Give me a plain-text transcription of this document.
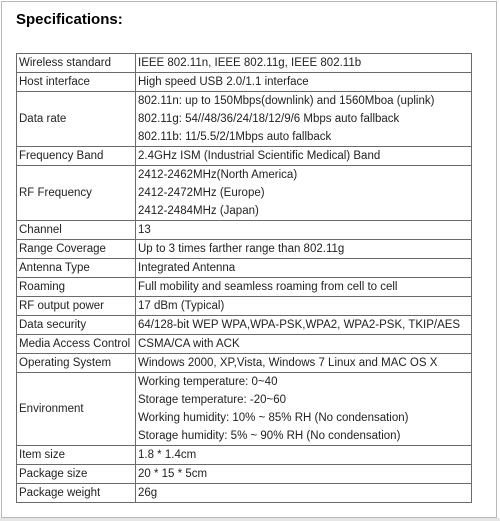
Specifications:
Wireless standard	IEEE 802.11n, IEEE 802.11g, IEEE 802.11b

Host interface	High speed USB 2.0/1.1 interface

Data rate	802.11n: up to 150Mbps(downlink) and 1560Mboa (uplink)
802.11g: 54//48/36/24/18/12/9/6 Mbps auto fallback
802.11b: 11/5.5/2/1Mbps auto fallback

Frequency Band	2.4GHz ISM (Industrial Scientific Medical) Band

RF Frequency	2412-2462MHz(North America)
2412-2472MHz (Europe)
2412-2484MHz (Japan)

Channel	13

Range Coverage	Up to 3 times farther range than 802.11g

Antenna Type	Integrated Antenna

Roaming	Full mobility and seamless roaming from cell to cell

RF output power	17 dBm (Typical)

Data security	64/128-bit WEP WPA,WPA-PSK,WPA2, WPA2-PSK, TKIP/AES

Media Access Control	CSMA/CA with ACK

Operating System	Windows 2000, XP,Vista, Windows 7 Linux and MAC OS X

Environment	Working temperature: 0~40
Storage temperature: -20~60
Working humidity: 10% ~ 85% RH (No condensation)
Storage humidity: 5% ~ 90% RH (No condensation)

Item size	1.8 * 1.4cm

Package size	20 * 15 * 5cm

Package weight	26g
